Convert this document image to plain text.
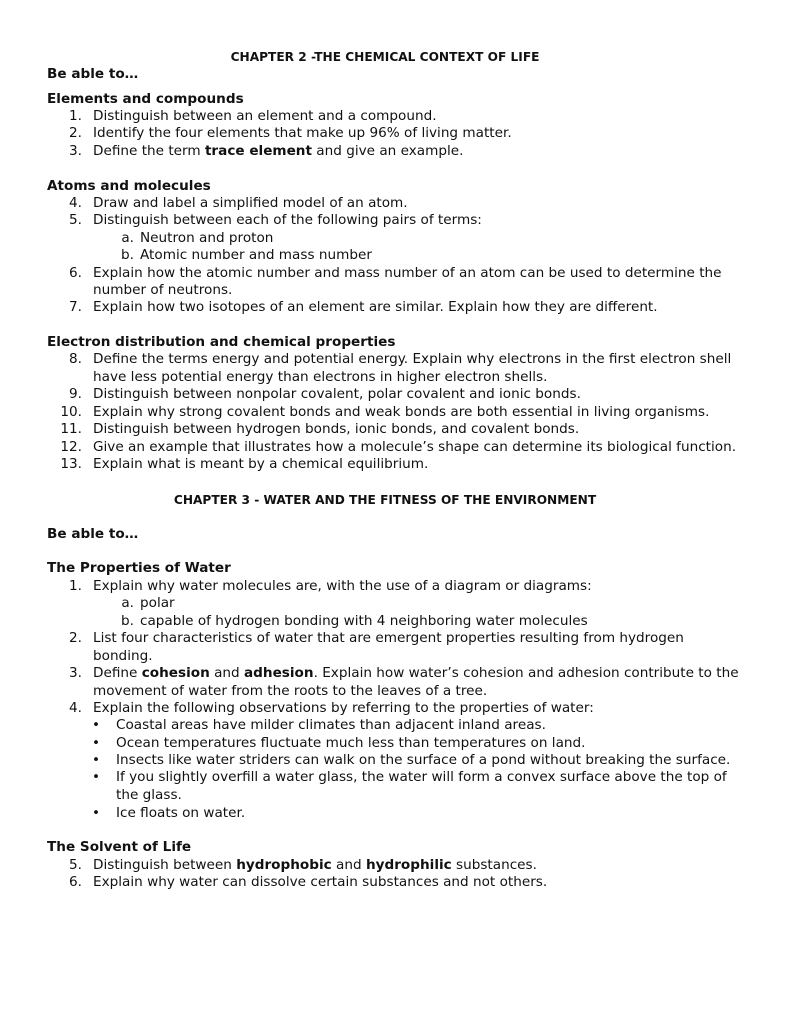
CHAPTER 2 -THE CHEMICAL CONTEXT OF LIFE
Be able to…
Elements and compounds
1. Distinguish between an element and a compound.
2. Identify the four elements that make up 96% of living matter.
3. Define the term trace element and give an example.
Atoms and molecules
4. Draw and label a simplified model of an atom.
5. Distinguish between each of the following pairs of terms:
a. Neutron and proton
b. Atomic number and mass number
6. Explain how the atomic number and mass number of an atom can be used to determine the
number of neutrons.
7. Explain how two isotopes of an element are similar. Explain how they are different.
Electron distribution and chemical properties
8. Define the terms energy and potential energy. Explain why electrons in the first electron shell
have less potential energy than electrons in higher electron shells.
9. Distinguish between nonpolar covalent, polar covalent and ionic bonds.
10. Explain why strong covalent bonds and weak bonds are both essential in living organisms.
11. Distinguish between hydrogen bonds, ionic bonds, and covalent bonds.
12. Give an example that illustrates how a molecule’s shape can determine its biological function.
13. Explain what is meant by a chemical equilibrium.
CHAPTER 3 - WATER AND THE FITNESS OF THE ENVIRONMENT
Be able to…
The Properties of Water
1. Explain why water molecules are, with the use of a diagram or diagrams:
a. polar
b. capable of hydrogen bonding with 4 neighboring water molecules
2. List four characteristics of water that are emergent properties resulting from hydrogen
bonding.
3. Define cohesion and adhesion. Explain how water’s cohesion and adhesion contribute to the
movement of water from the roots to the leaves of a tree.
4. Explain the following observations by referring to the properties of water:
• Coastal areas have milder climates than adjacent inland areas.
• Ocean temperatures fluctuate much less than temperatures on land.
• Insects like water striders can walk on the surface of a pond without breaking the surface.
• If you slightly overfill a water glass, the water will form a convex surface above the top of
the glass.
• Ice floats on water.
The Solvent of Life
5. Distinguish between hydrophobic and hydrophilic substances.
6. Explain why water can dissolve certain substances and not others.
